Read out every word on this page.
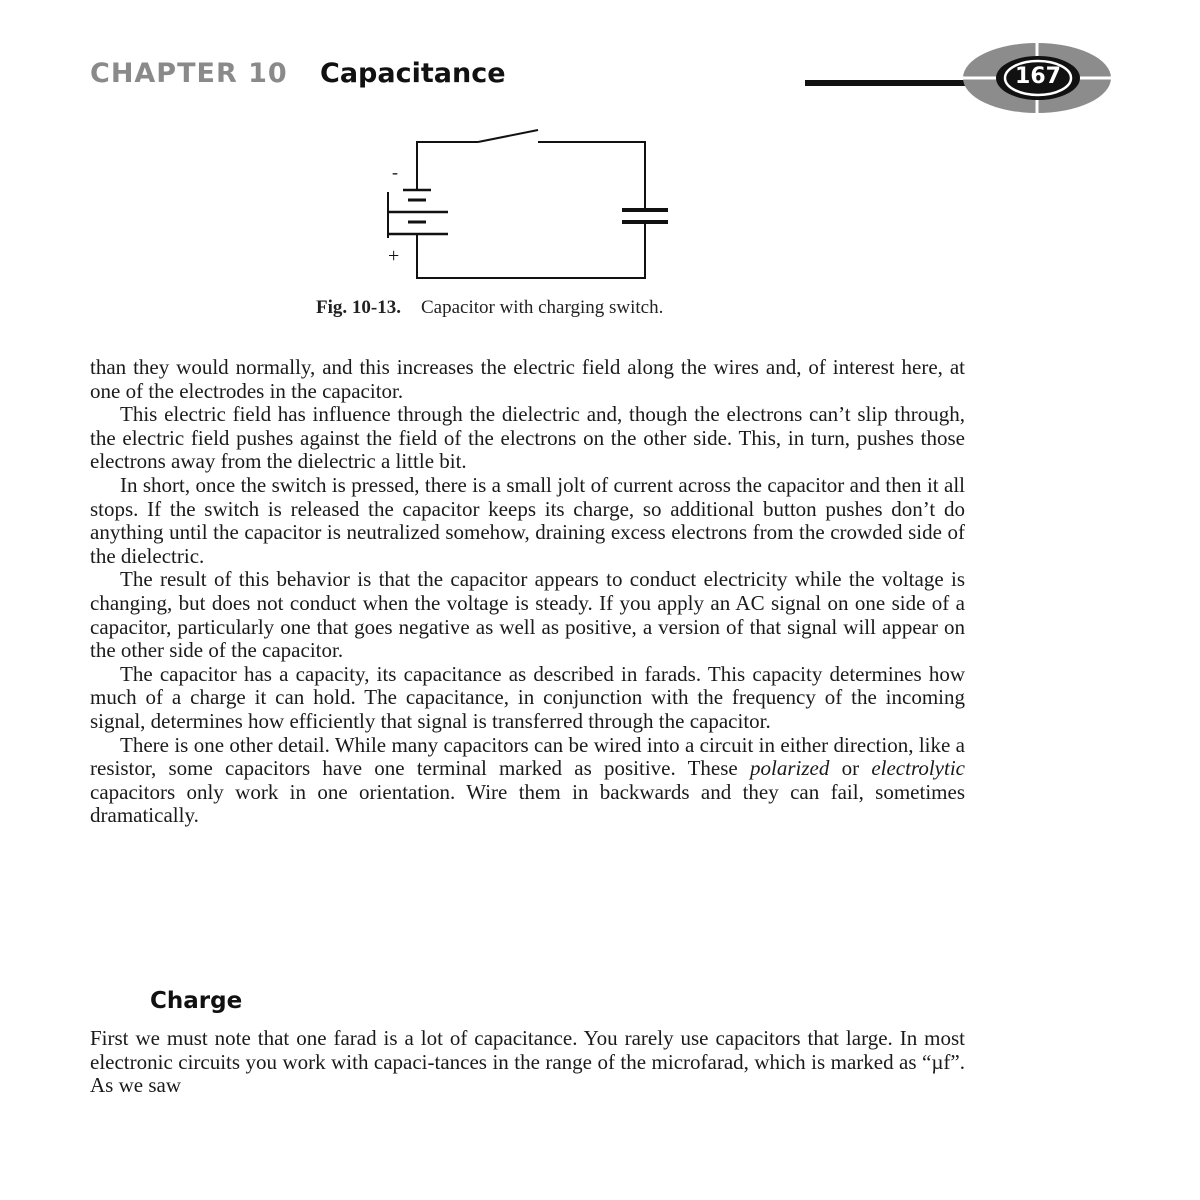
CHAPTER 10 Capacitance	167
-
+
Fig. 10-13. Capacitor with charging switch.

than they would normally, and this increases the electric field along the wires and, of interest here, at one of the electrodes in the capacitor.

This electric field has influence through the dielectric and, though the electrons can’t slip through, the electric field pushes against the field of the electrons on the other side. This, in turn, pushes those electrons away from the dielectric a little bit.

In short, once the switch is pressed, there is a small jolt of current across the capacitor and then it all stops. If the switch is released the capacitor keeps its charge, so additional button pushes don’t do anything until the capacitor is neutralized somehow, draining excess electrons from the crowded side of the dielectric.

The result of this behavior is that the capacitor appears to conduct electricity while the voltage is changing, but does not conduct when the voltage is steady. If you apply an AC signal on one side of a capacitor, particularly one that goes negative as well as positive, a version of that signal will appear on the other side of the capacitor.

The capacitor has a capacity, its capacitance as described in farads. This capacity determines how much of a charge it can hold. The capacitance, in conjunction with the frequency of the incoming signal, determines how efficiently that signal is transferred through the capacitor.

There is one other detail. While many capacitors can be wired into a circuit in either direction, like a resistor, some capacitors have one terminal marked as positive. These polarized or electrolytic capacitors only work in one orientation. Wire them in backwards and they can fail, sometimes dramatically.

Charge

First we must note that one farad is a lot of capacitance. You rarely use capacitors that large. In most electronic circuits you work with capaci-tances in the range of the microfarad, which is marked as “µf”. As we saw
